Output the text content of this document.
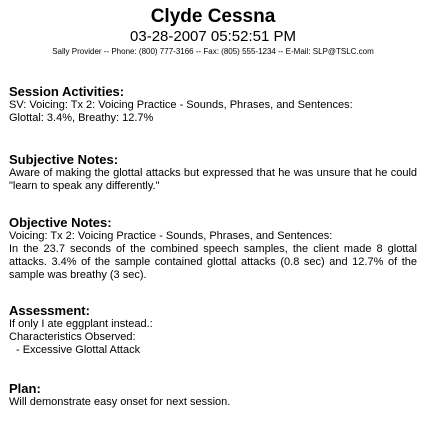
Clyde Cessna
03-28-2007 05:52:51 PM
Sally Provider -- Phone: (800) 777-3166 -- Fax: (805) 555-1234 -- E-Mail: SLP@TSLC.com

Session Activities:

SV: Voicing: Tx 2: Voicing Practice - Sounds, Phrases, and Sentences:

Glottal: 3.4%, Breathy: 12.7%

Subjective Notes:

Aware of making the glottal attacks but expressed that he was unsure that he could "learn to speak any differently."

Objective Notes:

Voicing: Tx 2: Voicing Practice - Sounds, Phrases, and Sentences:

In the 23.7 seconds of the combined speech samples, the client made 8 glottal attacks. 3.4% of the sample contained glottal attacks (0.8 sec) and 12.7% of the sample was breathy (3 sec).

Assessment:

If only I ate eggplant instead.:

Characteristics Observed:

- Excessive Glottal Attack

Plan:

Will demonstrate easy onset for next session.
